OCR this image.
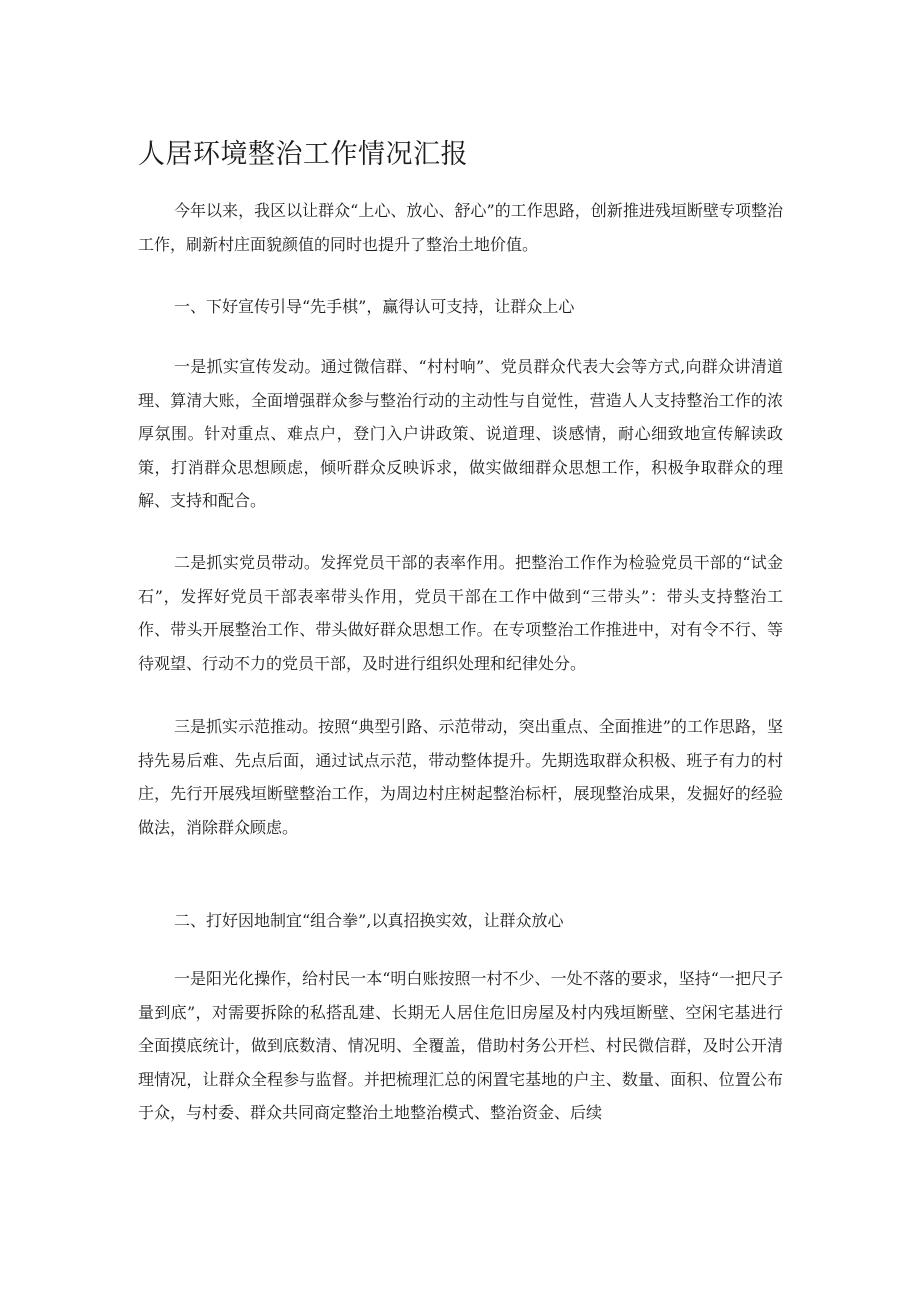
人居环境整治工作情况汇报

今年以来，我区以让群众“上心、放心、舒心”的工作思路，创新推进残垣断壁专项整治工作，刷新村庄面貌颜值的同时也提升了整治土地价值。

一、下好宣传引导“先手棋”，赢得认可支持，让群众上心

一是抓实宣传发动。通过微信群、“村村响”、党员群众代表大会等方式,向群众讲清道理、算清大账，全面增强群众参与整治行动的主动性与自觉性，营造人人支持整治工作的浓厚氛围。针对重点、难点户，登门入户讲政策、说道理、谈感情，耐心细致地宣传解读政策，打消群众思想顾虑，倾听群众反映诉求，做实做细群众思想工作，积极争取群众的理解、支持和配合。

二是抓实党员带动。发挥党员干部的表率作用。把整治工作作为检验党员干部的“试金石”，发挥好党员干部表率带头作用，党员干部在工作中做到“三带头”：带头支持整治工作、带头开展整治工作、带头做好群众思想工作。在专项整治工作推进中，对有令不行、等待观望、行动不力的党员干部，及时进行组织处理和纪律处分。

三是抓实示范推动。按照“典型引路、示范带动，突出重点、全面推进”的工作思路，坚持先易后难、先点后面，通过试点示范，带动整体提升。先期选取群众积极、班子有力的村庄，先行开展残垣断壁整治工作，为周边村庄树起整治标杆，展现整治成果，发掘好的经验做法，消除群众顾虑。

二、打好因地制宜“组合拳”,以真招换实效，让群众放心

一是阳光化操作，给村民一本“明白账按照一村不少、一处不落的要求，坚持“一把尺子量到底”，对需要拆除的私搭乱建、长期无人居住危旧房屋及村内残垣断壁、空闲宅基进行全面摸底统计，做到底数清、情况明、全覆盖，借助村务公开栏、村民微信群，及时公开清理情况，让群众全程参与监督。并把梳理汇总的闲置宅基地的户主、数量、面积、位置公布于众，与村委、群众共同商定整治土地整治模式、整治资金、后续
